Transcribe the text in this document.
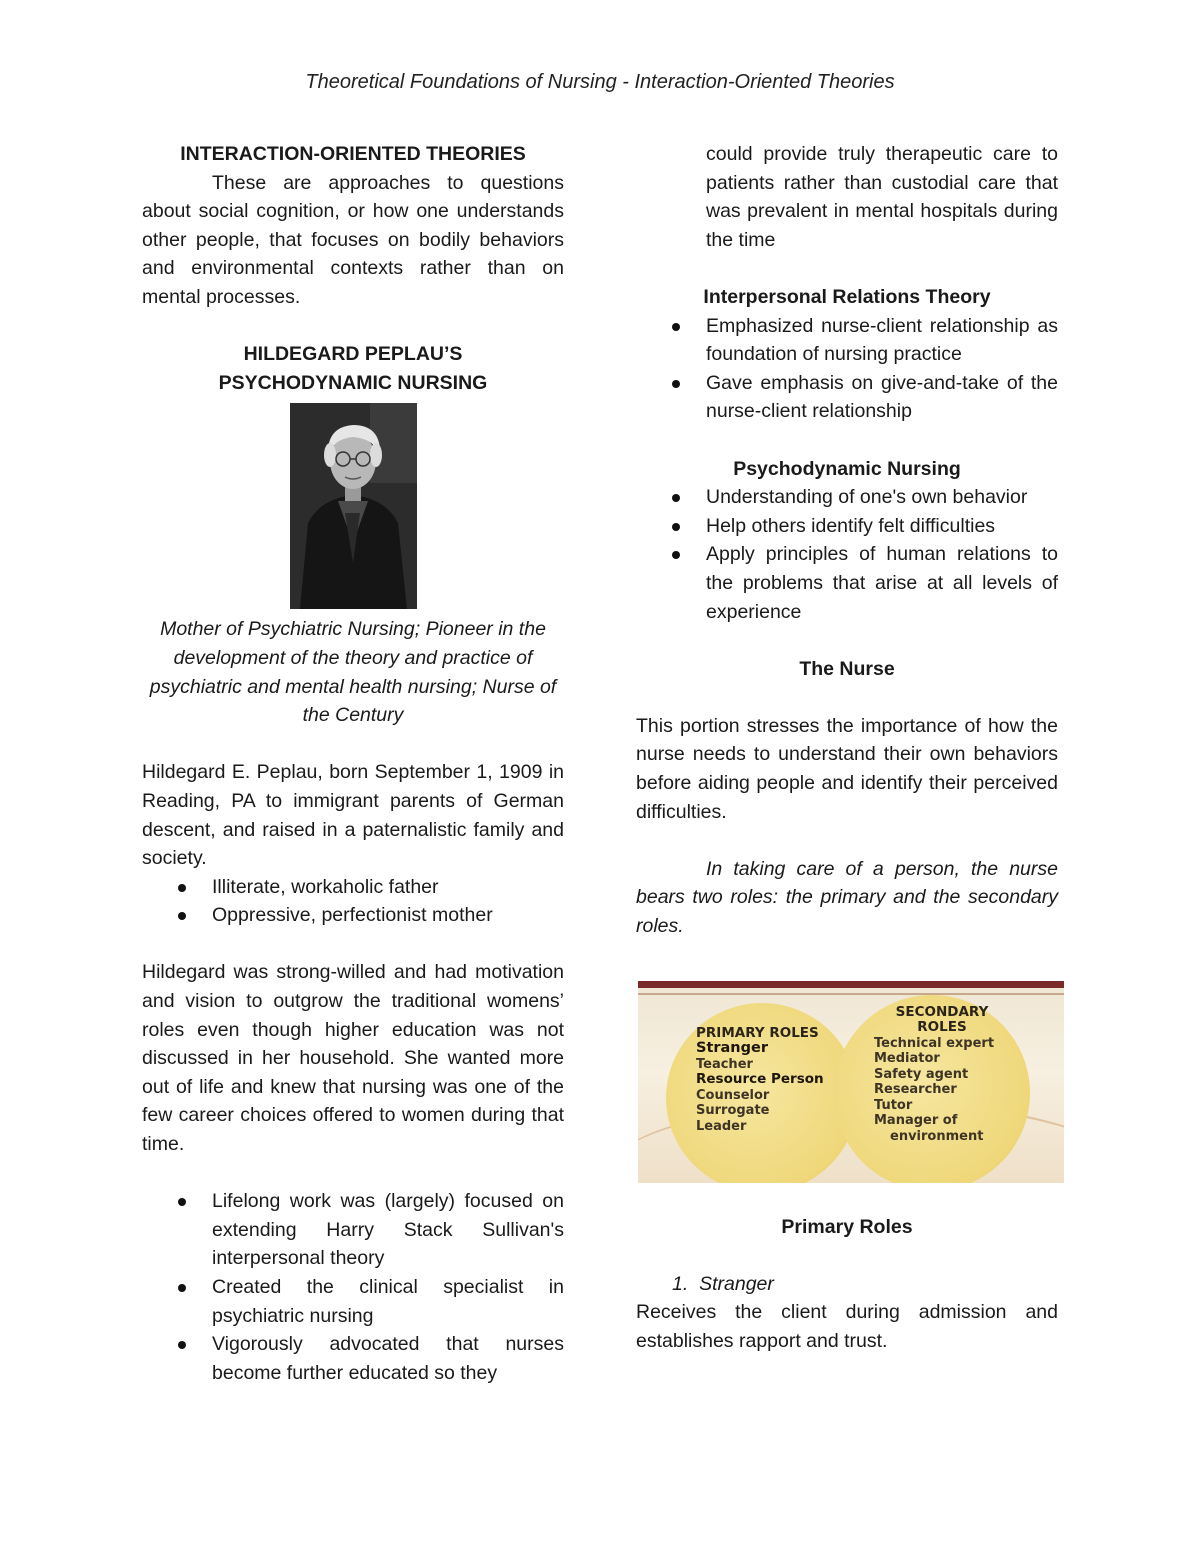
Theoretical Foundations of Nursing - Interaction-Oriented Theories

INTERACTION-ORIENTED THEORIES

These are approaches to questions about social cognition, or how one understands other people, that focuses on bodily behaviors and environmental contexts rather than on mental processes.

HILDEGARD PEPLAU’S

PSYCHODYNAMIC NURSING

Mother of Psychiatric Nursing; Pioneer in the development of the theory and practice of psychiatric and mental health nursing; Nurse of the Century

Hildegard E. Peplau, born September 1, 1909 in Reading, PA to immigrant parents of German descent, and raised in a paternalistic family and society.

Illiterate, workaholic father
Oppressive, perfectionist mother

Hildegard was strong-willed and had motivation and vision to outgrow the traditional womens’ roles even though higher education was not discussed in her household. She wanted more out of life and knew that nursing was one of the few career choices offered to women during that time.

Lifelong work was (largely) focused on extending Harry Stack Sullivan's interpersonal theory
Created the clinical specialist in psychiatric nursing
Vigorously advocated that nurses become further educated so they

could provide truly therapeutic care to patients rather than custodial care that was prevalent in mental hospitals during the time

Interpersonal Relations Theory

Emphasized nurse-client relationship as foundation of nursing practice
Gave emphasis on give-and-take of the nurse-client relationship

Psychodynamic Nursing

Understanding of one's own behavior
Help others identify felt difficulties
Apply principles of human relations to the problems that arise at all levels of experience

The Nurse

This portion stresses the importance of how the nurse needs to understand their own behaviors before aiding people and identify their perceived difficulties.

In taking care of a person, the nurse bears two roles: the primary and the secondary roles.

PRIMARY ROLES
Stranger
Teacher
Resource Person
Counselor
Surrogate
Leader
SECONDARY
ROLES
Technical expert
Mediator
Safety agent
Researcher
Tutor
Manager of
environment

Primary Roles

1. Stranger

Receives the client during admission and establishes rapport and trust.
